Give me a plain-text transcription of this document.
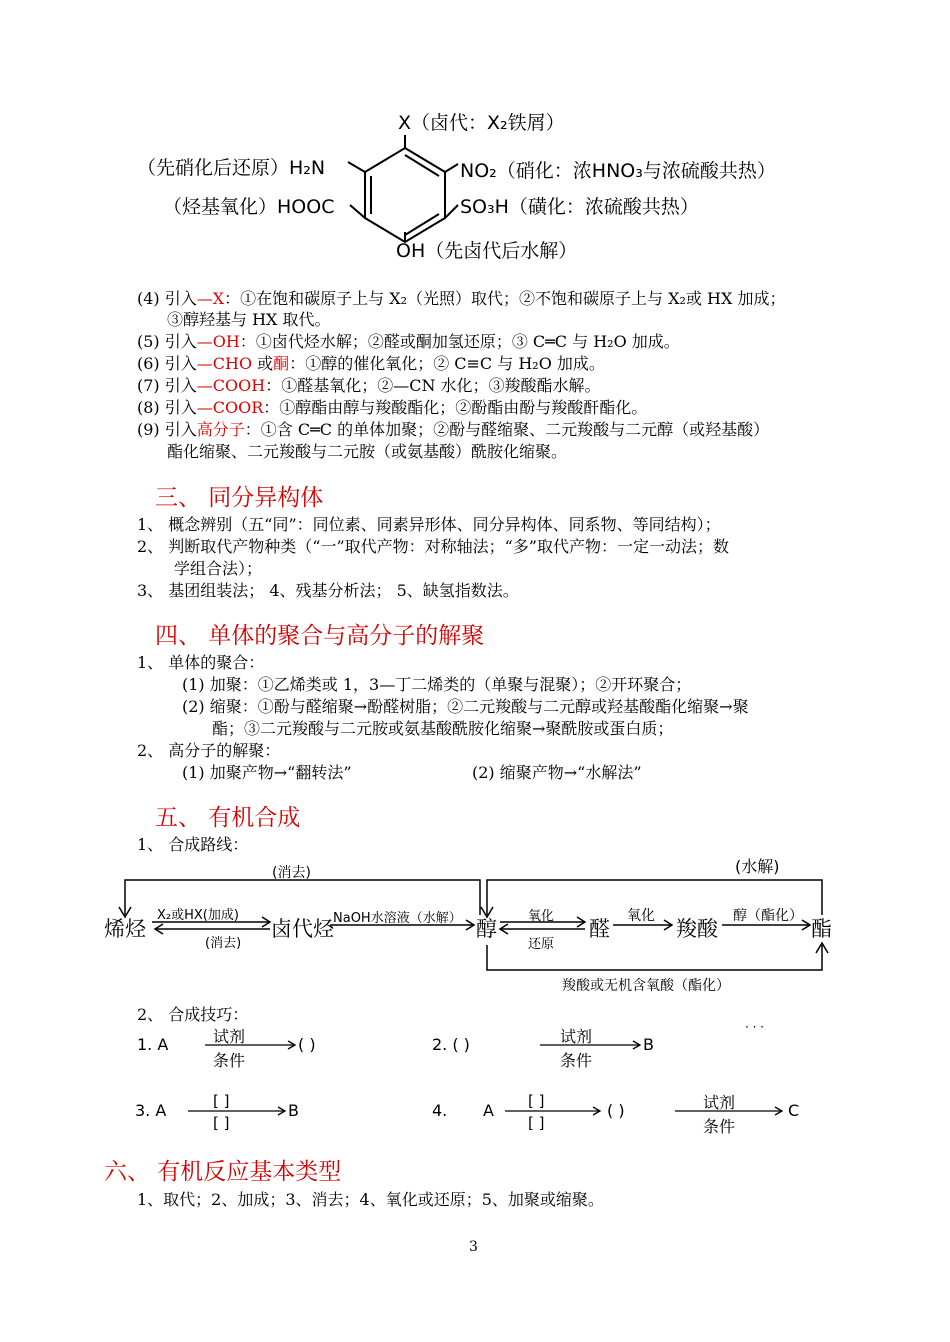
X（卤代：X₂铁屑）
（先硝化后还原）H₂N
（烃基氧化）HOOC
NO₂（硝化：浓HNO₃与浓硫酸共热）
SO₃H（磺化：浓硫酸共热）
OH（先卤代后水解）
(4) 引入—X：①在饱和碳原子上与 X₂（光照）取代；②不饱和碳原子上与 X₂或 HX 加成；
③醇羟基与 HX 取代。
(5) 引入—OH：①卤代烃水解；②醛或酮加氢还原；③ C═C 与 H₂O 加成。
(6) 引入—CHO 或酮：①醇的催化氧化；② C≡C 与 H₂O 加成。
(7) 引入—COOH：①醛基氧化；②—CN 水化；③羧酸酯水解。
(8) 引入—COOR：①醇酯由醇与羧酸酯化；②酚酯由酚与羧酸酐酯化。
(9) 引入高分子：①含 C═C 的单体加聚；②酚与醛缩聚、二元羧酸与二元醇（或羟基酸）
酯化缩聚、二元羧酸与二元胺（或氨基酸）酰胺化缩聚。
三、 同分异构体
1、 概念辨别（五“同”：同位素、同素异形体、同分异构体、同系物、等同结构）；
2、 判断取代产物种类（“一”取代产物：对称轴法；“多”取代产物：一定一动法；数
学组合法）；
3、 基团组装法； 4、残基分析法； 5、缺氢指数法。
四、 单体的聚合与高分子的解聚
1、 单体的聚合：
(1) 加聚：①乙烯类或 1，3—丁二烯类的（单聚与混聚）；②开环聚合；
(2) 缩聚：①酚与醛缩聚→酚醛树脂；②二元羧酸与二元醇或羟基酸酯化缩聚→聚
酯；③二元羧酸与二元胺或氨基酸酰胺化缩聚→聚酰胺或蛋白质；
2、 高分子的解聚：
(1) 加聚产物→“翻转法”	(2) 缩聚产物→“水解法”
五、 有机合成
1、 合成路线：
(消去)	(水解)
烯烃
X₂或HX(加成)
(消去)
卤代烃 NaOH水溶液（水解） 醇
氧化
还原
醛
氧化
羧酸
醇（酯化）
酯
羧酸或无机含氧酸（酯化）
2、 合成技巧：
1. A	试剂
条件
( )	2. ( )	试剂
条件
B
· · ·
3. A	[ ]
[ ]
B	4. A [ ]
[ ]
( )	试剂
条件
C
六、 有机反应基本类型
1、取代；2、加成；3、消去；4、氧化或还原；5、加聚或缩聚。
3
